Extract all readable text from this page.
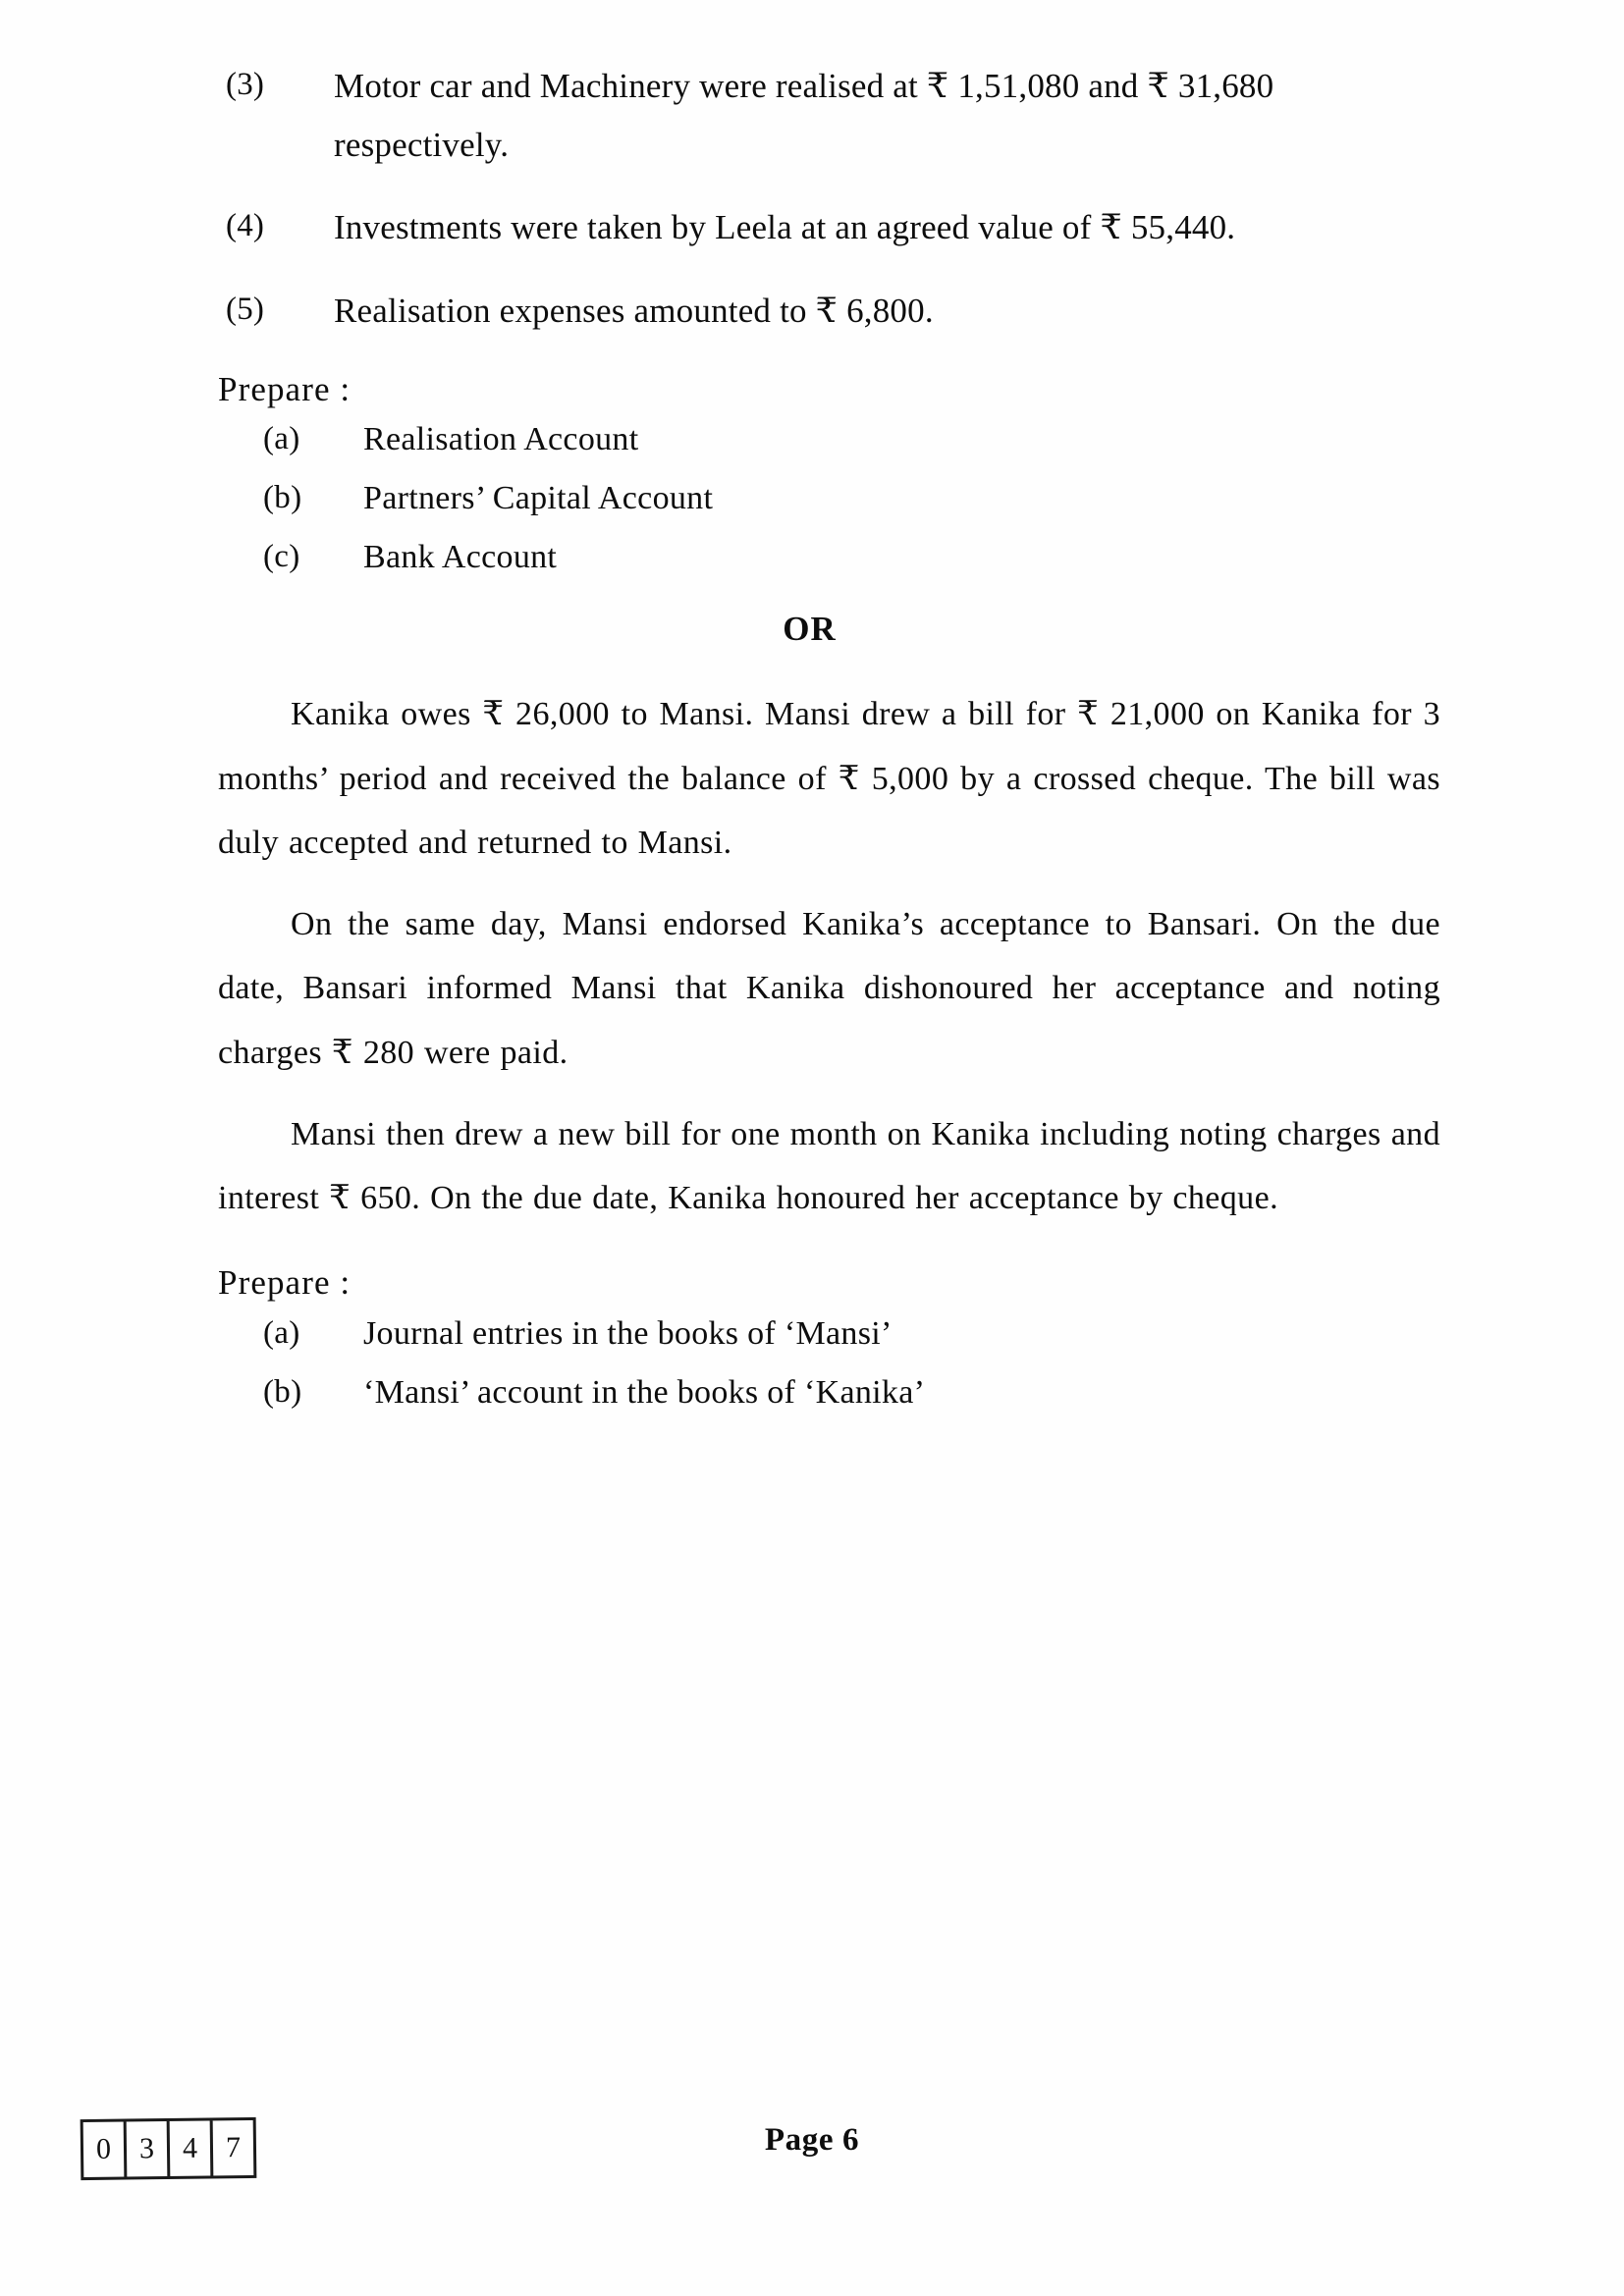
(3)	Motor car and Machinery were realised at ₹ 1,51,080 and ₹ 31,680 respectively.
(4)	Investments were taken by Leela at an agreed value of ₹ 55,440.
(5)	Realisation expenses amounted to ₹ 6,800.
Prepare :
(a)	Realisation Account
(b)	Partners’ Capital Account
(c)	Bank Account
OR

Kanika owes ₹ 26,000 to Mansi. Mansi drew a bill for ₹ 21,000 on Kanika for 3 months’ period and received the balance of ₹ 5,000 by a crossed cheque. The bill was duly accepted and returned to Mansi.

On the same day, Mansi endorsed Kanika’s acceptance to Bansari. On the due date, Bansari informed Mansi that Kanika dishonoured her acceptance and noting charges ₹ 280 were paid.

Mansi then drew a new bill for one month on Kanika including noting charges and interest ₹ 650. On the due date, Kanika honoured her acceptance by cheque.

Prepare :
(a)	Journal entries in the books of ‘Mansi’
(b)	‘Mansi’ account in the books of ‘Kanika’
0 3 4 7	Page 6
